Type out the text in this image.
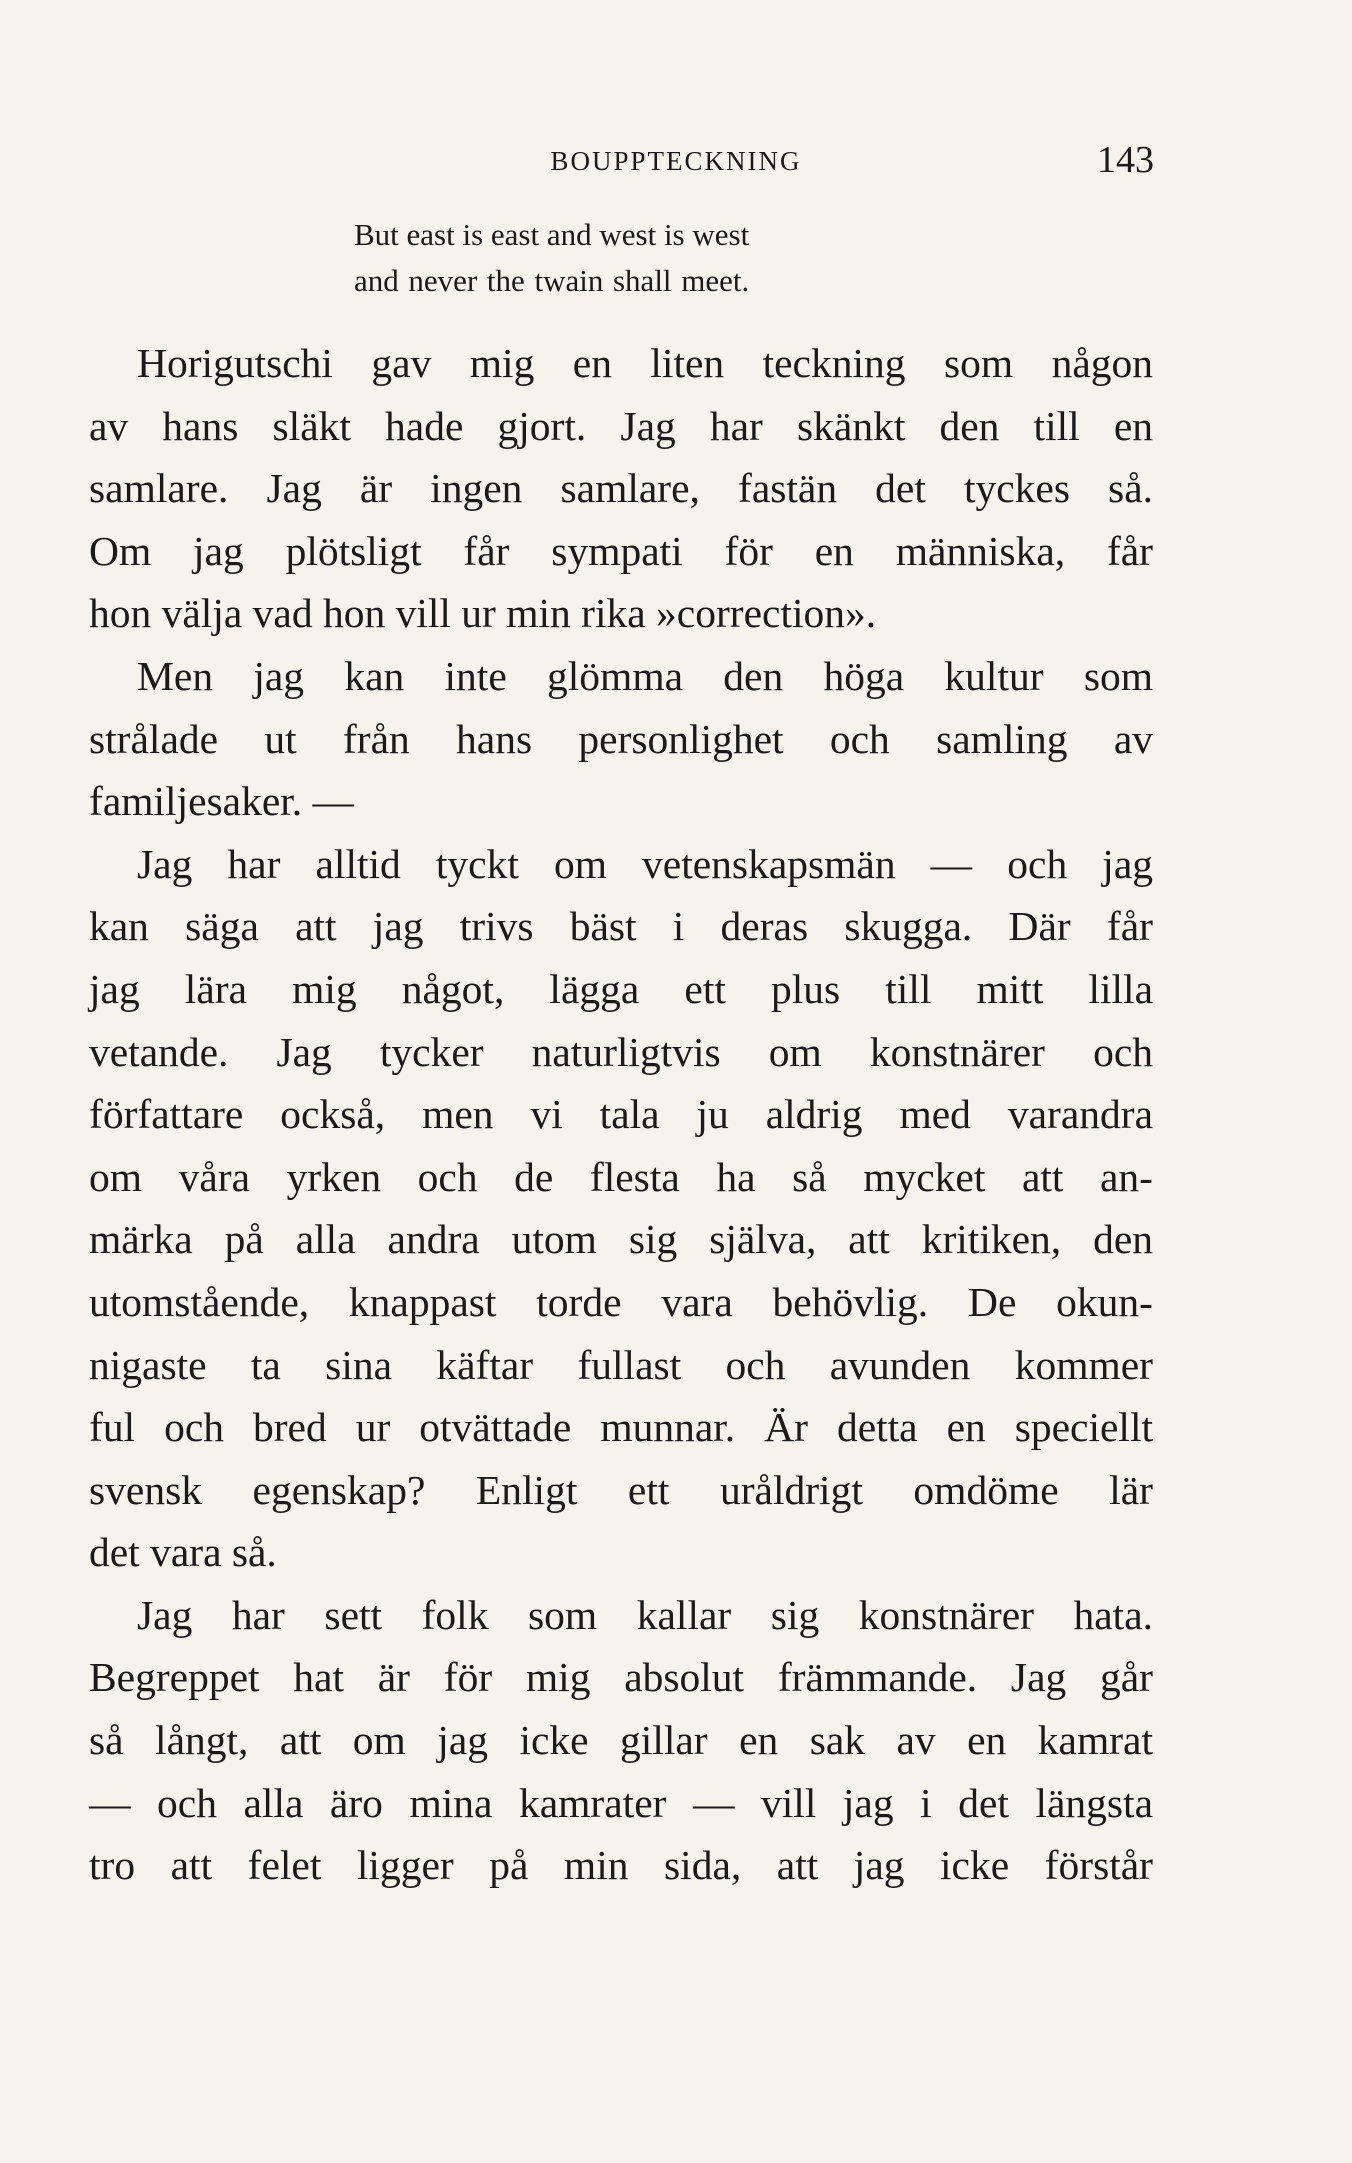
BOUPPTECKNING	143
But east is east and west is west
and never the twain shall meet.
Horigutschi gav mig en liten teckning som någon
av hans släkt hade gjort. Jag har skänkt den till en
samlare. Jag är ingen samlare, fastän det tyckes så.
Om jag plötsligt får sympati för en människa, får
hon välja vad hon vill ur min rika »correction».
Men jag kan inte glömma den höga kultur som
strålade ut från hans personlighet och samling av
familjesaker. —
Jag har alltid tyckt om vetenskapsmän — och jag
kan säga att jag trivs bäst i deras skugga. Där får
jag lära mig något, lägga ett plus till mitt lilla
vetande. Jag tycker naturligtvis om konstnärer och
författare också, men vi tala ju aldrig med varandra
om våra yrken och de flesta ha så mycket att an-
märka på alla andra utom sig själva, att kritiken, den
utomstående, knappast torde vara behövlig. De okun-
nigaste ta sina käftar fullast och avunden kommer
ful och bred ur otvättade munnar. Är detta en speciellt
svensk egenskap? Enligt ett uråldrigt omdöme lär
det vara så.
Jag har sett folk som kallar sig konstnärer hata.
Begreppet hat är för mig absolut främmande. Jag går
så långt, att om jag icke gillar en sak av en kamrat
— och alla äro mina kamrater — vill jag i det längsta
tro att felet ligger på min sida, att jag icke förstår
